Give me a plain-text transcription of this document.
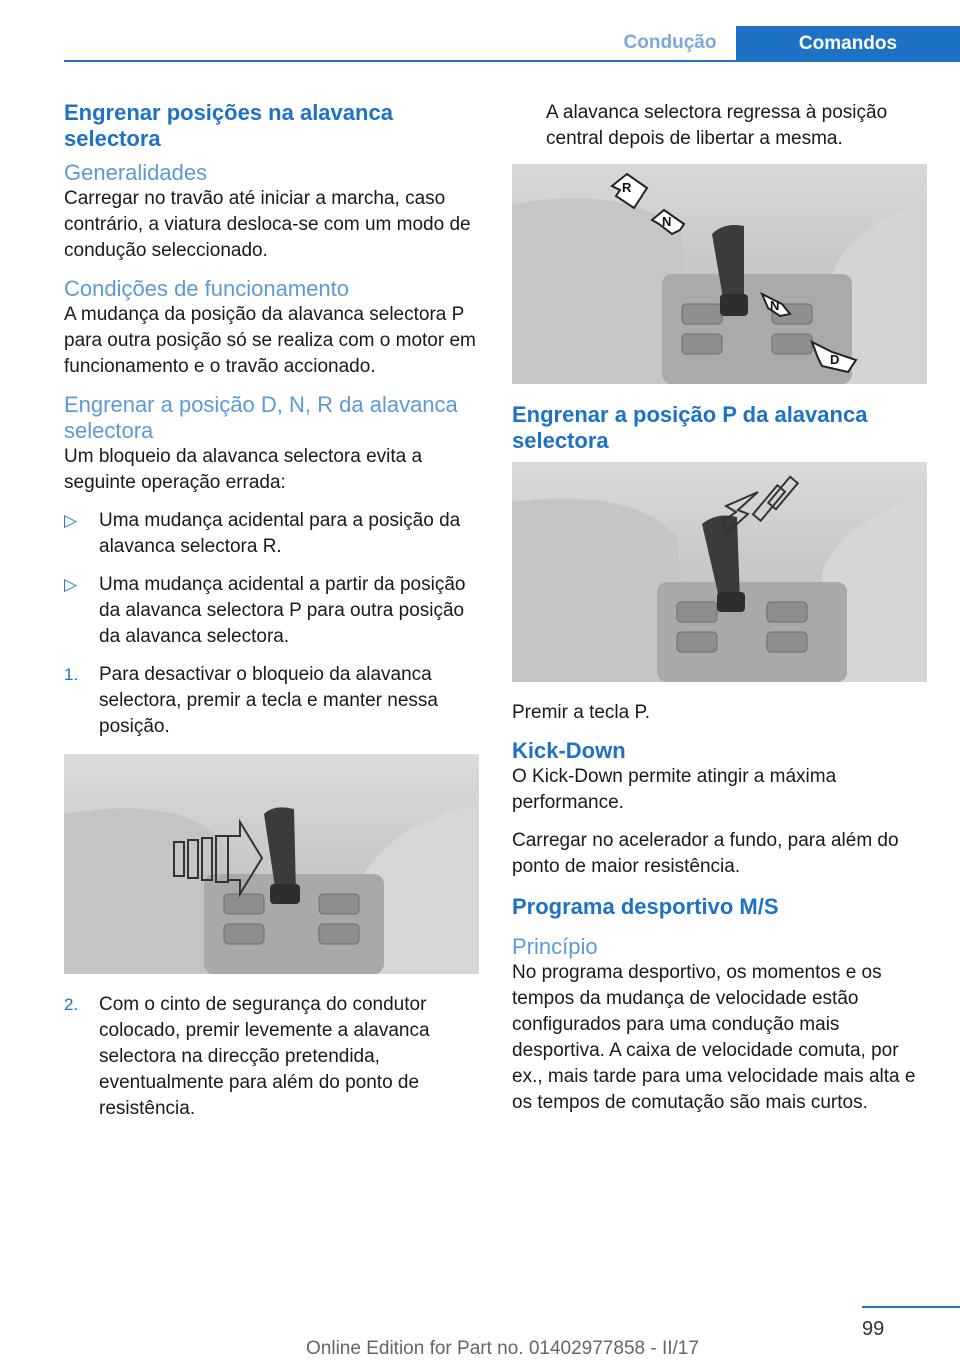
Condução	Comandos
Engrenar posições na alavanca selectora
Generalidades

Carregar no travão até iniciar a marcha, caso contrário, a viatura desloca-se com um modo de condução seleccionado.

Condições de funcionamento

A mudança da posição da alavanca selectora P para outra posição só se realiza com o motor em funcionamento e o travão accionado.

Engrenar a posição D, N, R da alavanca selectora

Um bloqueio da alavanca selectora evita a seguinte operação errada:

▷	Uma mudança acidental para a posição da alavanca selectora R.
▷	Uma mudança acidental a partir da posição da alavanca selectora P para outra posição da alavanca selectora.
1.	Para desactivar o bloqueio da alavanca selectora, premir a tecla e manter nessa posição.
2.	Com o cinto de segurança do condutor colocado, premir levemente a alavanca selectora na direcção pretendida, eventualmente para além do ponto de resistência.

A alavanca selectora regressa à posição central depois de libertar a mesma.

R
N
N
D
Engrenar a posição P da alavanca selectora

Premir a tecla P.

Kick-Down

O Kick-Down permite atingir a máxima performance.

Carregar no acelerador a fundo, para além do ponto de maior resistência.

Programa desportivo M/S
Princípio

No programa desportivo, os momentos e os tempos da mudança de velocidade estão configurados para uma condução mais desportiva. A caixa de velocidade comuta, por ex., mais tarde para uma velocidade mais alta e os tempos de comutação são mais curtos.

99
Online Edition for Part no. 01402977858 - II/17
